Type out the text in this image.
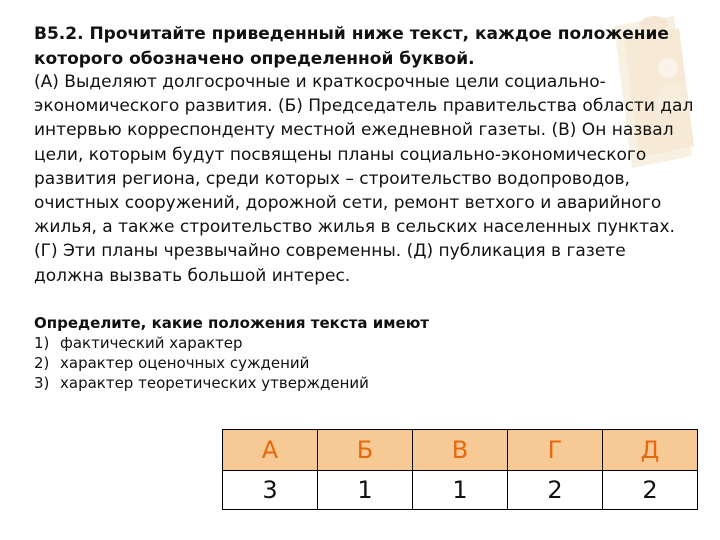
В5.2. Прочитайте приведенный ниже текст, каждое положение которого обозначено определенной буквой.
(А) Выделяют долгосрочные и краткосрочные цели социально-экономического развития. (Б) Председатель правительства области дал интервью корреспонденту местной ежедневной газеты. (В) Он назвал цели, которым будут посвящены планы социально-экономического развития региона, среди которых – строительство водопроводов, очистных сооружений, дорожной сети, ремонт ветхого и аварийного жилья, а также строительство жилья в сельских населенных пунктах. (Г) Эти планы чрезвычайно современны. (Д) публикация в газете должна вызвать большой интерес.
Определите, какие положения текста имеют
1) фактический характер
2) характер оценочных суждений
3) характер теоретических утверждений
А	Б	В	Г	Д
3	1	1	2	2
